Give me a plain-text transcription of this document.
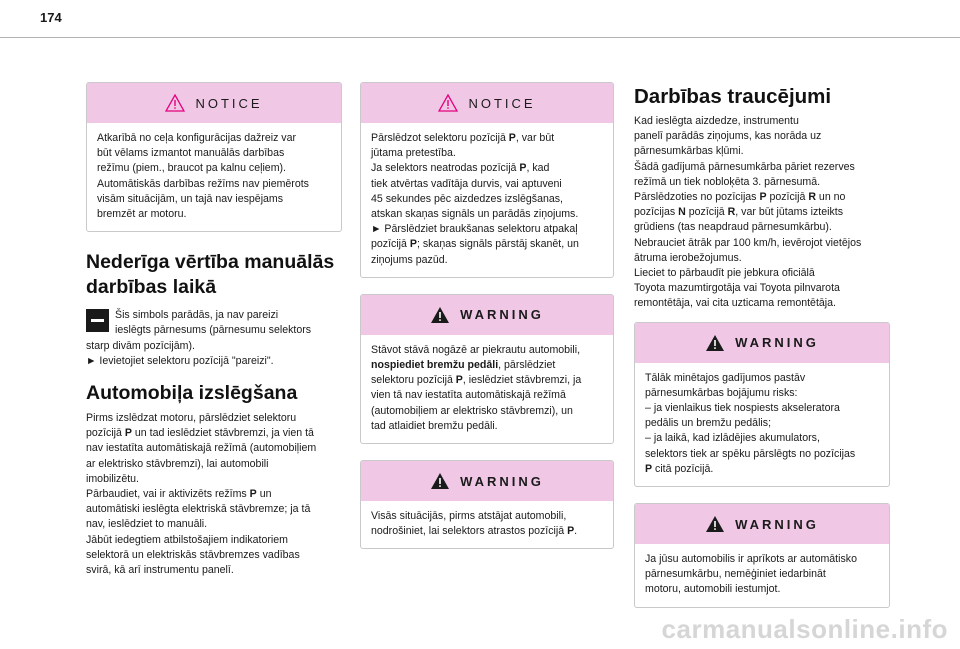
174
NOTICE

Atkarībā no ceļa konfigurācijas dažreiz var

būt vēlams izmantot manuālās darbības

režīmu (piem., braucot pa kalnu ceļiem).

Automātiskās darbības režīms nav piemērots

visām situācijām, un tajā nav iespējams

bremzēt ar motoru.

Nederīga vērtība manuālās
darbības laikā

Šis simbols parādās, ja nav pareizi

ieslēgts pārnesums (pārnesumu selektors

starp divām pozīcijām).

► Ievietojiet selektoru pozīcijā "pareizi".

Automobiļa izslēgšana

Pirms izslēdzat motoru, pārslēdziet selektoru

pozīcijā P un tad ieslēdziet stāvbremzi, ja vien tā

nav iestatīta automātiskajā režīmā (automobiļiem

ar elektrisko stāvbremzi), lai automobili

imobilizētu.

Pārbaudiet, vai ir aktivizēts režīms P un

automātiski ieslēgta elektriskā stāvbremze; ja tā

nav, ieslēdziet to manuāli.

Jābūt iedegtiem atbilstošajiem indikatoriem

selektorā un elektriskās stāvbremzes vadības

svirā, kā arī instrumentu panelī.

NOTICE

Pārslēdzot selektoru pozīcijā P, var būt

jūtama pretestība.

Ja selektors neatrodas pozīcijā P, kad

tiek atvērtas vadītāja durvis, vai aptuveni

45 sekundes pēc aizdedzes izslēgšanas,

atskan skaņas signāls un parādās ziņojums.

► Pārslēdziet braukšanas selektoru atpakaļ

pozīcijā P; skaņas signāls pārstāj skanēt, un

ziņojums pazūd.

WARNING

Stāvot stāvā nogāzē ar piekrautu automobili,

nospiediet bremžu pedāli, pārslēdziet

selektoru pozīcijā P, ieslēdziet stāvbremzi, ja

vien tā nav iestatīta automātiskajā režīmā

(automobiļiem ar elektrisko stāvbremzi), un

tad atlaidiet bremžu pedāli.

WARNING

Visās situācijās, pirms atstājat automobili,

nodrošiniet, lai selektors atrastos pozīcijā P.

Darbības traucējumi

Kad ieslēgta aizdedze, instrumentu

panelī parādās ziņojums, kas norāda uz

pārnesumkārbas kļūmi.

Šādā gadījumā pārnesumkārba pāriet rezerves

režīmā un tiek nobloķēta 3. pārnesumā.

Pārslēdzoties no pozīcijas P pozīcijā R un no

pozīcijas N pozīcijā R, var būt jūtams izteikts

grūdiens (tas neapdraud pārnesumkārbu).

Nebrauciet ātrāk par 100 km/h, ievērojot vietējos

ātruma ierobežojumus.

Lieciet to pārbaudīt pie jebkura oficiālā

Toyota mazumtirgotāja vai Toyota pilnvarota

remontētāja, vai cita uzticama remontētāja.

WARNING

Tālāk minētajos gadījumos pastāv

pārnesumkārbas bojājumu risks:

– ja vienlaikus tiek nospiests akseleratora

pedālis un bremžu pedālis;

– ja laikā, kad izlādējies akumulators,

selektors tiek ar spēku pārslēgts no pozīcijas

P citā pozīcijā.

WARNING

Ja jūsu automobilis ir aprīkots ar automātisko

pārnesumkārbu, nemēģiniet iedarbināt

motoru, automobili iestumjot.

carmanualsonline.info
